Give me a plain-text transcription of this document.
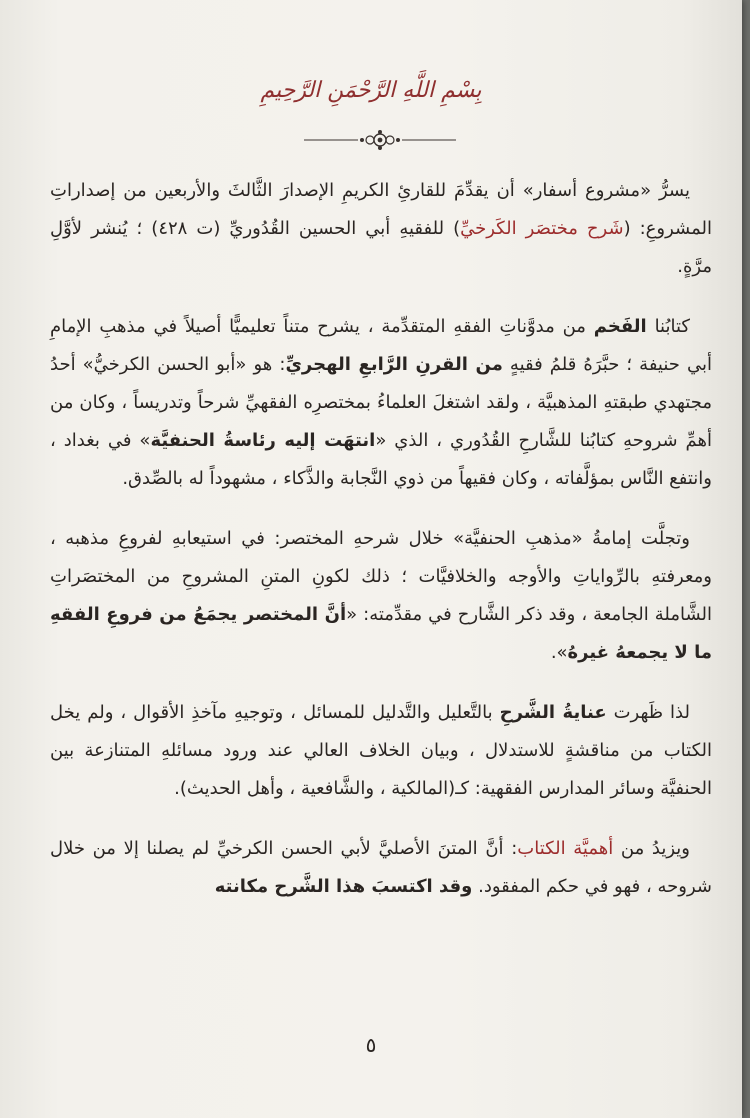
بِسْمِ اللَّهِ الرَّحْمَنِ الرَّحِيمِ

يسرُّ «مشروع أسفار» أن يقدِّمَ للقارئِ الكريمِ الإصدارَ الثَّالثَ والأربعين من إصداراتِ المشروعِ: (شَرح مختصَر الكَرخيِّ) للفقيهِ أبي الحسين القُدُوريِّ (ت ٤٢٨) ؛ يُنشر لأوَّلِ مرَّةٍ.

كتابُنا الفَخم من مدوَّناتِ الفقهِ المتقدِّمة ، يشرح متناً تعليميًّا أصيلاً في مذهبِ الإمامِ أبي حنيفة ؛ حبَّرَهُ قلمُ فقيهٍ من القرنِ الرَّابعِ الهجريِّ: هو «أبو الحسن الكرخيُّ» أحدُ مجتهدي طبقتهِ المذهبيَّة ، ولقد اشتغلَ العلماءُ بمختصرِه الفقهيِّ شرحاً وتدريساً ، وكان من أهمِّ شروحهِ كتابُنا للشَّارحِ القُدُوري ، الذي «انتهَت إليه رئاسةُ الحنفيَّة» في بغداد ، وانتفع النَّاس بمؤلَّفاته ، وكان فقيهاً من ذوي النَّجابة والذَّكاء ، مشهوداً له بالصِّدق.

وتجلَّت إمامةُ «مذهبِ الحنفيَّة» خلال شرحهِ المختصر: في استيعابهِ لفروعِ مذهبه ، ومعرفتهِ بالرِّواياتِ والأوجه والخلافيَّات ؛ ذلك لكونِ المتنِ المشروحِ من المختصَراتِ الشَّاملة الجامعة ، وقد ذكر الشَّارح في مقدِّمته: «أنَّ المختصر يجمَعُ من فروعِ الفقهِ ما لا يجمعهُ غيرهُ».

لذا ظَهرت عنايةُ الشَّرحِ بالتَّعليل والتَّدليل للمسائل ، وتوجيهِ مآخذِ الأقوال ، ولم يخل الكتاب من مناقشةٍ للاستدلال ، وبيان الخلاف العالي عند ورود مسائلهِ المتنازعة بين الحنفيَّة وسائر المدارس الفقهية: كـ(المالكية ، والشَّافعية ، وأهل الحديث).

ويزيدُ من أهميَّة الكتاب: أنَّ المتنَ الأصليَّ لأبي الحسن الكرخيِّ لم يصلنا إلا من خلال شروحه ، فهو في حكم المفقود. وقد اكتسبَ هذا الشَّرح مكانته

٥
